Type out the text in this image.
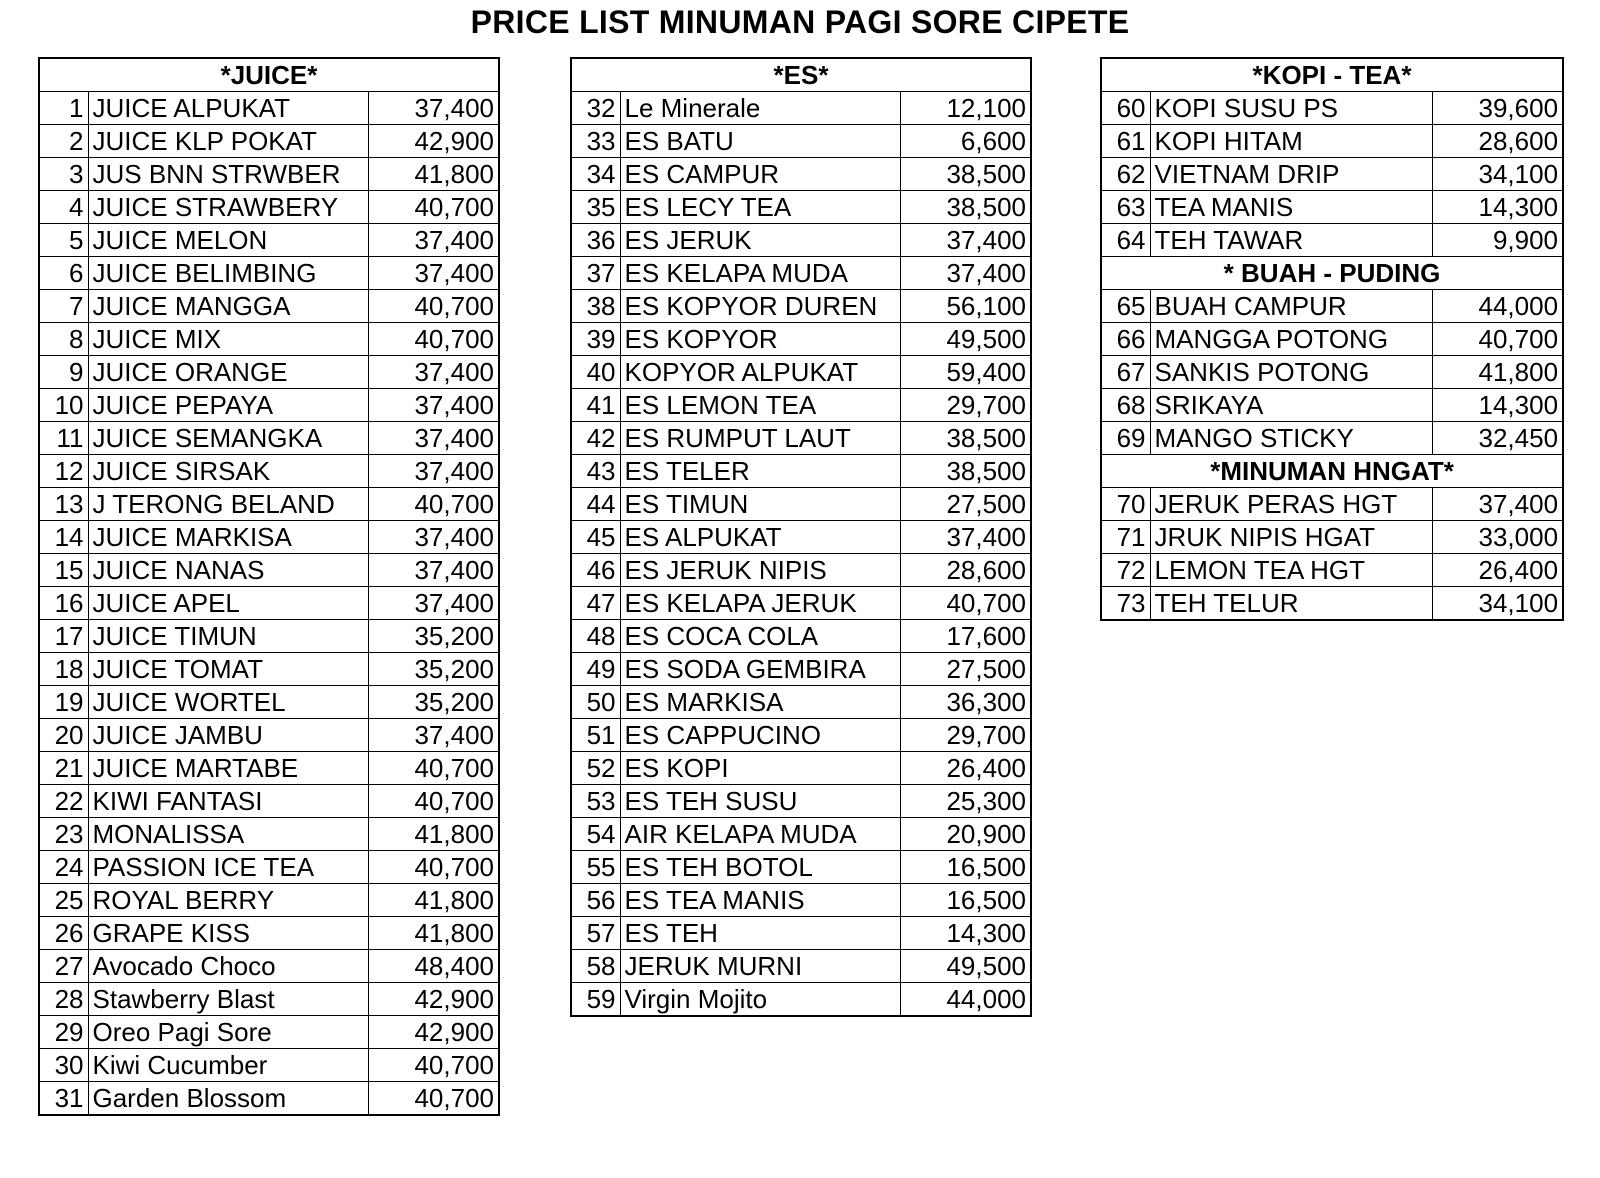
PRICE LIST MINUMAN PAGI SORE CIPETE
*JUICE*		
1	JUICE ALPUKAT	37,400
2	JUICE KLP POKAT	42,900
3	JUS BNN STRWBER	41,800
4	JUICE STRAWBERY	40,700
5	JUICE MELON	37,400
6	JUICE BELIMBING	37,400
7	JUICE MANGGA	40,700
8	JUICE MIX	40,700
9	JUICE ORANGE	37,400
10	JUICE PEPAYA	37,400
11	JUICE SEMANGKA	37,400
12	JUICE SIRSAK	37,400
13	J TERONG BELAND	40,700
14	JUICE MARKISA	37,400
15	JUICE NANAS	37,400
16	JUICE APEL	37,400
17	JUICE TIMUN	35,200
18	JUICE TOMAT	35,200
19	JUICE WORTEL	35,200
20	JUICE JAMBU	37,400
21	JUICE MARTABE	40,700
22	KIWI FANTASI	40,700
23	MONALISSA	41,800
24	PASSION ICE TEA	40,700
25	ROYAL BERRY	41,800
26	GRAPE KISS	41,800
27	Avocado Choco	48,400
28	Stawberry Blast	42,900
29	Oreo Pagi Sore	42,900
30	Kiwi Cucumber	40,700
31	Garden Blossom	40,700
*ES*		
32	Le Minerale	12,100
33	ES BATU	6,600
34	ES CAMPUR	38,500
35	ES LECY TEA	38,500
36	ES JERUK	37,400
37	ES KELAPA MUDA	37,400
38	ES KOPYOR DUREN	56,100
39	ES KOPYOR	49,500
40	KOPYOR ALPUKAT	59,400
41	ES LEMON TEA	29,700
42	ES RUMPUT LAUT	38,500
43	ES TELER	38,500
44	ES TIMUN	27,500
45	ES ALPUKAT	37,400
46	ES JERUK NIPIS	28,600
47	ES KELAPA JERUK	40,700
48	ES COCA COLA	17,600
49	ES SODA GEMBIRA	27,500
50	ES MARKISA	36,300
51	ES CAPPUCINO	29,700
52	ES KOPI	26,400
53	ES TEH SUSU	25,300
54	AIR KELAPA MUDA	20,900
55	ES TEH BOTOL	16,500
56	ES TEA MANIS	16,500
57	ES TEH	14,300
58	JERUK MURNI	49,500
59	Virgin Mojito	44,000
*KOPI - TEA*		
60	KOPI SUSU PS	39,600
61	KOPI HITAM	28,600
62	VIETNAM DRIP	34,100
63	TEA MANIS	14,300
64	TEH TAWAR	9,900
* BUAH - PUDING		
65	BUAH CAMPUR	44,000
66	MANGGA POTONG	40,700
67	SANKIS POTONG	41,800
68	SRIKAYA	14,300
69	MANGO STICKY	32,450
*MINUMAN HNGAT*		
70	JERUK PERAS HGT	37,400
71	JRUK NIPIS HGAT	33,000
72	LEMON TEA HGT	26,400
73	TEH TELUR	34,100
